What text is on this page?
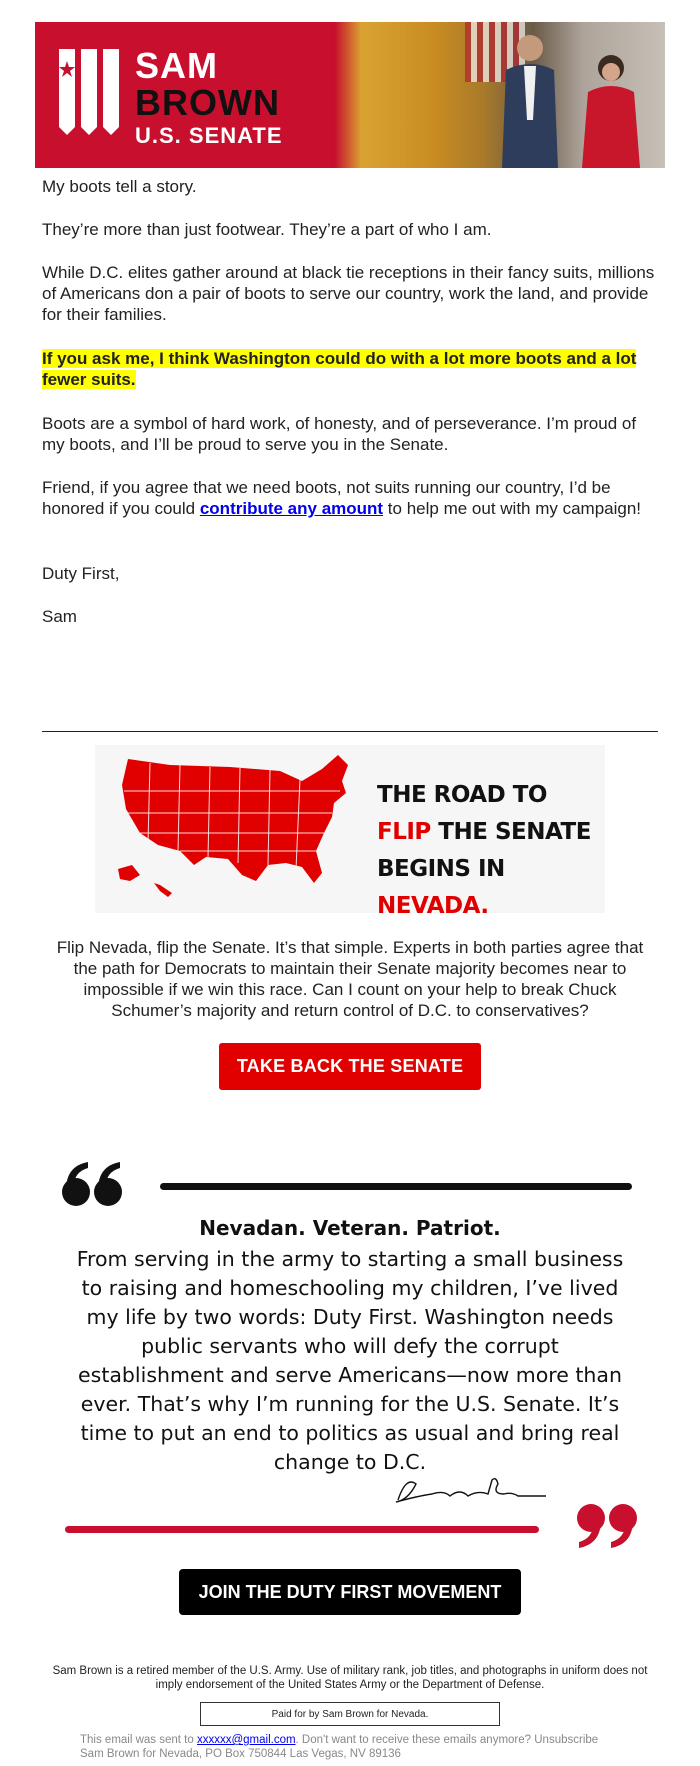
SAM
BROWN
U.S. SENATE
My boots tell a story.
They’re more than just footwear. They’re a part of who I am.
While D.C. elites gather around at black tie receptions in their fancy suits, millions of Americans don a pair of boots to serve our country, work the land, and provide for their families.
If you ask me, I think Washington could do with a lot more boots and a lot fewer suits.
Boots are a symbol of hard work, of honesty, and of perseverance. I’m proud of my boots, and I’ll be proud to serve you in the Senate.
Friend, if you agree that we need boots, not suits running our country, I’d be honored if you could contribute any amount to help me out with my campaign!
Duty First,
Sam
THE ROAD TO
FLIP THE SENATE
BEGINS IN NEVADA.
Flip Nevada, flip the Senate. It’s that simple. Experts in both parties agree that the path for Democrats to maintain their Senate majority becomes near to impossible if we win this race. Can I count on your help to break Chuck Schumer’s majority and return control of D.C. to conservatives?
TAKE BACK THE SENATE
Nevadan. Veteran. Patriot.
From serving in the army to starting a small business to raising and homeschooling my children, I’ve lived my life by two words: Duty First. Washington needs public servants who will defy the corrupt establishment and serve Americans—now more than ever. That’s why I’m running for the U.S. Senate. It’s time to put an end to politics as usual and bring real change to D.C.
JOIN THE DUTY FIRST MOVEMENT
Sam Brown is a retired member of the U.S. Army. Use of military rank, job titles, and photographs in uniform does not imply endorsement of the United States Army or the Department of Defense.
Paid for by Sam Brown for Nevada.
This email was sent to xxxxxx@gmail.com. Don't want to receive these emails anymore? Unsubscribe
Sam Brown for Nevada, PO Box 750844 Las Vegas, NV 89136
